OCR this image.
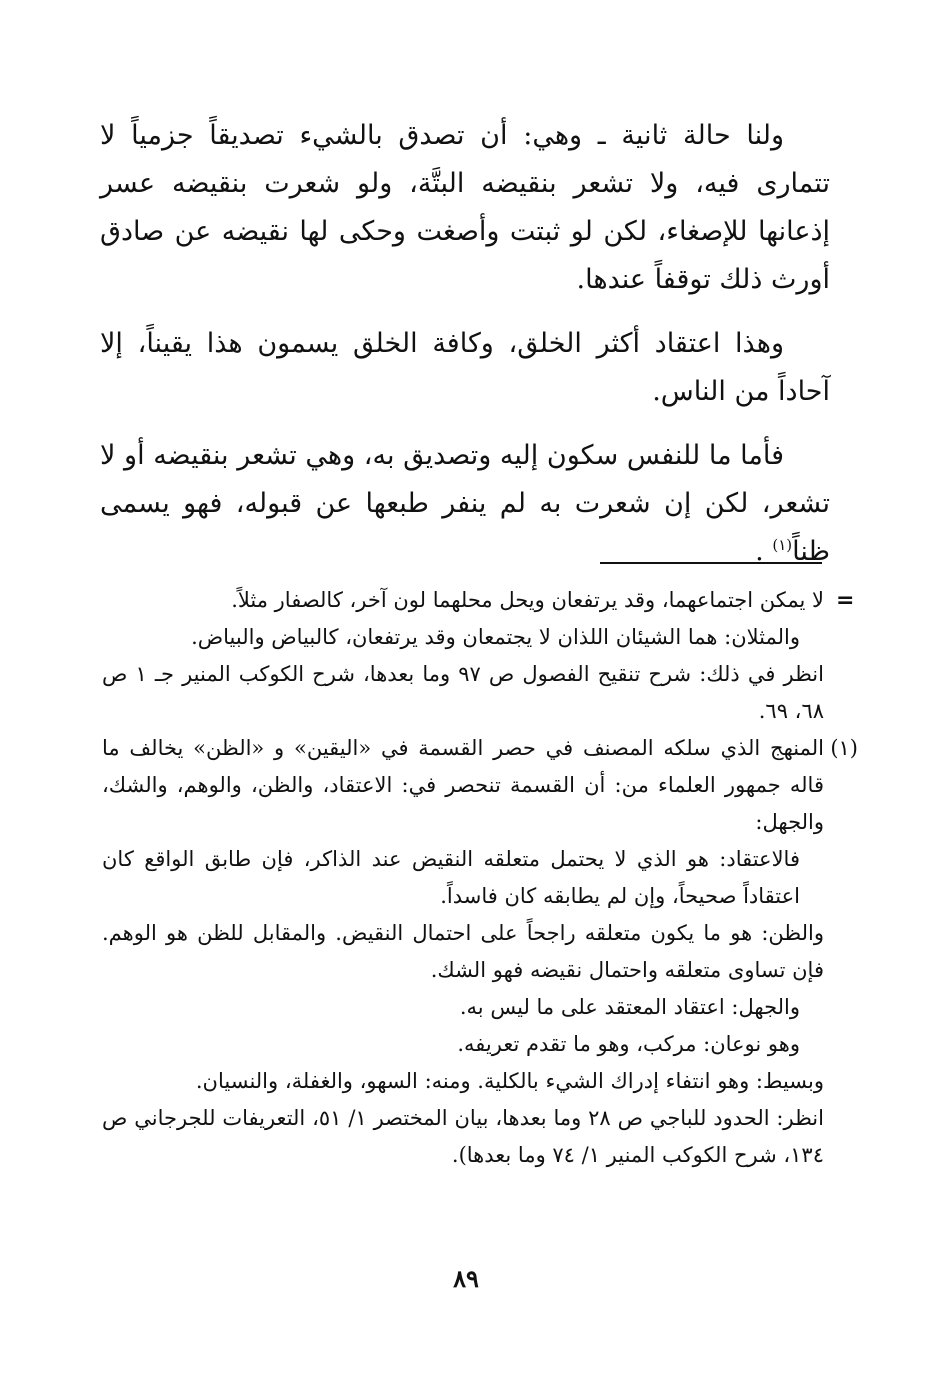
ولنا حالة ثانية ـ وهي: أن تصدق بالشيء تصديقاً جزمياً لا تتمارى فيه، ولا تشعر بنقيضه البتَّة، ولو شعرت بنقيضه عسر إذعانها للإصغاء، لكن لو ثبتت وأصغت وحكى لها نقيضه عن صادق أورث ذلك توقفاً عندها.

وهذا اعتقاد أكثر الخلق، وكافة الخلق يسمون هذا يقيناً، إلا آحاداً من الناس.

فأما ما للنفس سكون إليه وتصديق به، وهي تشعر بنقيضه أو لا تشعر، لكن إن شعرت به لم ينفر طبعها عن قبوله، فهو يسمى ظناً$^{(١)}$ .

=

لا يمكن اجتماعهما، وقد يرتفعان ويحل محلهما لون آخر، كالصفار مثلاً.

والمثلان: هما الشيئان اللذان لا يجتمعان وقد يرتفعان، كالبياض والبياض.

انظر في ذلك: شرح تنقيح الفصول ص ٩٧ وما بعدها، شرح الكوكب المنير جـ ١ ص ٦٨، ٦٩.

(١)

المنهج الذي سلكه المصنف في حصر القسمة في «اليقين» و «الظن» يخالف ما قاله جمهور العلماء من: أن القسمة تنحصر في: الاعتقاد، والظن، والوهم، والشك، والجهل:

فالاعتقاد: هو الذي لا يحتمل متعلقه النقيض عند الذاكر، فإن طابق الواقع كان اعتقاداً صحيحاً، وإن لم يطابقه كان فاسداً.

والظن: هو ما يكون متعلقه راجحاً على احتمال النقيض. والمقابل للظن هو الوهم. فإن تساوى متعلقه واحتمال نقيضه فهو الشك.

والجهل: اعتقاد المعتقد على ما ليس به.

وهو نوعان: مركب، وهو ما تقدم تعريفه.

وبسيط: وهو انتفاء إدراك الشيء بالكلية. ومنه: السهو، والغفلة، والنسيان.

انظر: الحدود للباجي ص ٢٨ وما بعدها، بيان المختصر ١/ ٥١، التعريفات للجرجاني ص ١٣٤، شرح الكوكب المنير ١/ ٧٤ وما بعدها).

٨٩
